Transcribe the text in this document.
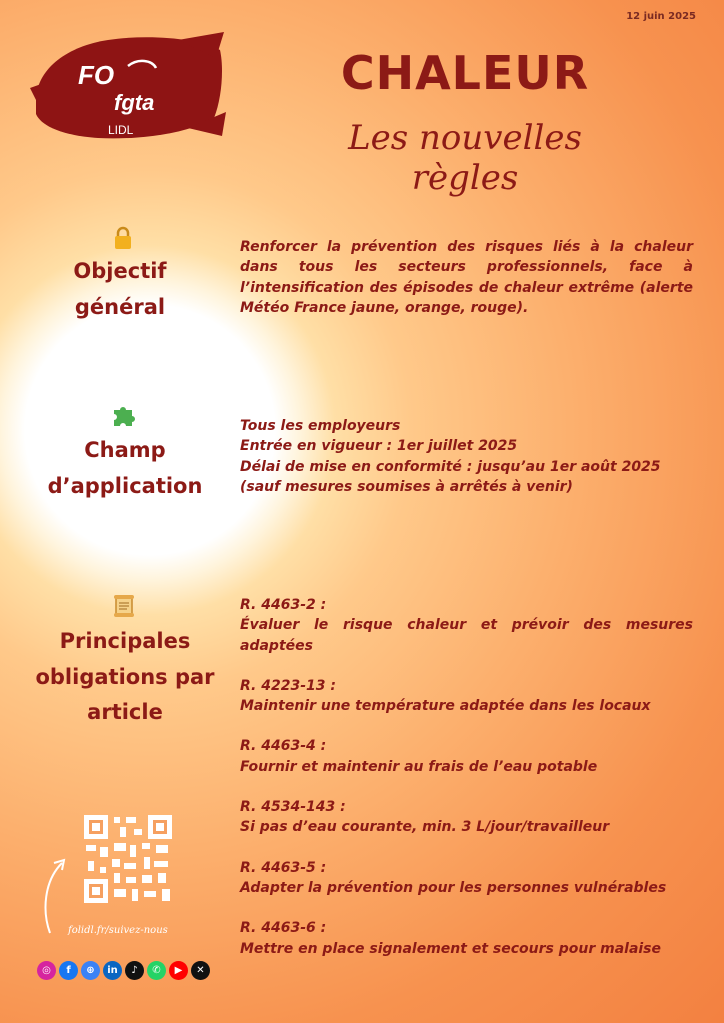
12 juin 2025
FO
fgta
LIDL
CHALEUR
Les nouvelles règles
Objectif général
Renforcer la prévention des risques liés à la chaleur dans tous les secteurs professionnels, face à l’intensification des épisodes de chaleur extrême (alerte Météo France jaune, orange, rouge).
Champ d’application
Tous les employeurs
Entrée en vigueur : 1er juillet 2025
Délai de mise en conformité : jusqu’au 1er août 2025
(sauf mesures soumises à arrêtés à venir)
Principales obligations par article
R. 4463-2 :
Évaluer le risque chaleur et prévoir des mesures adaptées
R. 4223-13 :
Maintenir une température adaptée dans les locaux
R. 4463-4 :
Fournir et maintenir au frais de l’eau potable
R. 4534-143 :
Si pas d’eau courante, min. 3 L/jour/travailleur
R. 4463-5 :
Adapter la prévention pour les personnes vulnérables
R. 4463-6 :
Mettre en place signalement et secours pour malaise
folidl.fr/suivez-nous
◎	f	⊕	in	♪	✆	▶	✕
